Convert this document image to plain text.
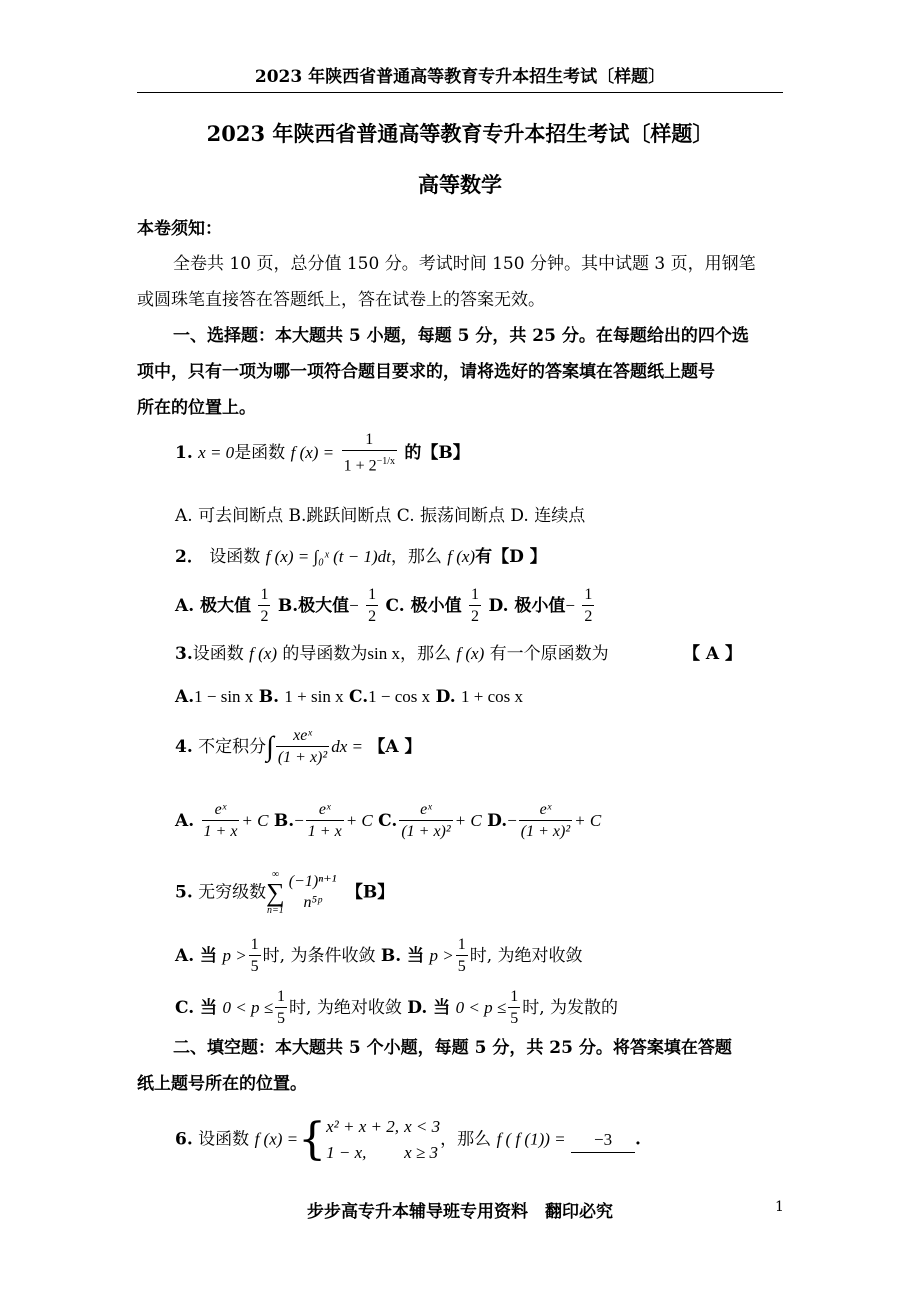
2023 年陕西省普通高等教育专升本招生考试〔样题〕
2023 年陕西省普通高等教育专升本招生考试〔样题〕
高等数学
本卷须知：
全卷共 10 页，总分值 150 分。考试时间 150 分钟。其中试题 3 页，用钢笔
或圆珠笔直接答在答题纸上，答在试卷上的答案无效。
一、选择题：本大题共 5 小题，每题 5 分，共 25 分。在每题给出的四个选
项中，只有一项为哪一项符合题目要求的，请将选好的答案填在答题纸上题号
所在的位置上。
1. x = 0是函数 f $(x) = \frac{1}{1 + 2^{-1/x}}$ 的【B】
A. 可去间断点 B.跳跃间断点 C. 振荡间断点 D. 连续点
2． 设函数 f (x) = ∫₀ˣ (t − 1)dt，那么 f (x)有【D 】
A. 极大值 $\frac{1}{2} B$.极大值− $\frac{1}{2} C$. 极小值 $\frac{1}{2} D$. 极小值− $\frac{1}{2}$
3.设函数 f (x) 的导函数为sin x，那么 f (x) 有一个原函数为	【 A 】
A.1 − sin x B. 1 + sin x C.1 − cos x D. 1 + cos x
4. 不定积分∫ $\frac{\text{xeˣ}}{\text{(1 + x)²}}$ dx = 【A 】
A. $\frac{\text{eˣ}}{1 + x} + C$ $B.- \frac{\text{eˣ}}{1 + x} + C$ C. $\frac{\text{eˣ}}{\text{(1 + x)²}} + C$ $D.- \frac{\text{eˣ}}{\text{(1 + x)²}} + C$
5. 无穷级数
∞
∑
n=1
(−1)ⁿ⁺¹
n⁵ᵖ	【B】
A. 当 $p > \frac{1}{5}$ 时, 为条件收敛 B. 当 $p > \frac{1}{5}$ 时, 为绝对收敛
C. 当 $0 < p \le \frac{1}{5}$ 时, 为绝对收敛 D. 当 $0 < p \le \frac{1}{5}$ 时, 为发散的
二、填空题：本大题共 5 个小题，每题 5 分，共 25 分。将答案填在答题
纸上题号所在的位置。
6. 设函数 f (x) ={ x² + x + 2, x < 3
1 − x, x ≥ 3
，那么 f ( f (1)) = −3 .
步步高专升本辅导班专用资料　翻印必究	1
